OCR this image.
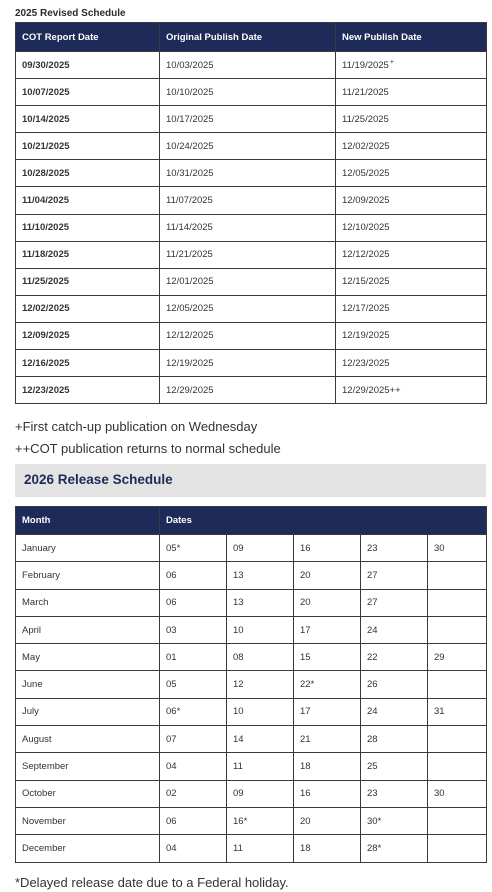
2025 Revised Schedule
COT Report Date	Original Publish Date	New Publish Date
09/30/2025	10/03/2025	11/19/2025+
10/07/2025	10/10/2025	11/21/2025
10/14/2025	10/17/2025	11/25/2025
10/21/2025	10/24/2025	12/02/2025
10/28/2025	10/31/2025	12/05/2025
11/04/2025	11/07/2025	12/09/2025
11/10/2025	11/14/2025	12/10/2025
11/18/2025	11/21/2025	12/12/2025
11/25/2025	12/01/2025	12/15/2025
12/02/2025	12/05/2025	12/17/2025
12/09/2025	12/12/2025	12/19/2025
12/16/2025	12/19/2025	12/23/2025
12/23/2025	12/29/2025	12/29/2025++
+First catch-up publication on Wednesday
++COT publication returns to normal schedule
2026 Release Schedule
Month	Dates				
January	05*	09	16	23	30
February	06	13	20	27	
March	06	13	20	27	
April	03	10	17	24	
May	01	08	15	22	29
June	05	12	22*	26	
July	06*	10	17	24	31
August	07	14	21	28	
September	04	11	18	25	
October	02	09	16	23	30
November	06	16*	20	30*	
December	04	11	18	28*	
*Delayed release date due to a Federal holiday.
